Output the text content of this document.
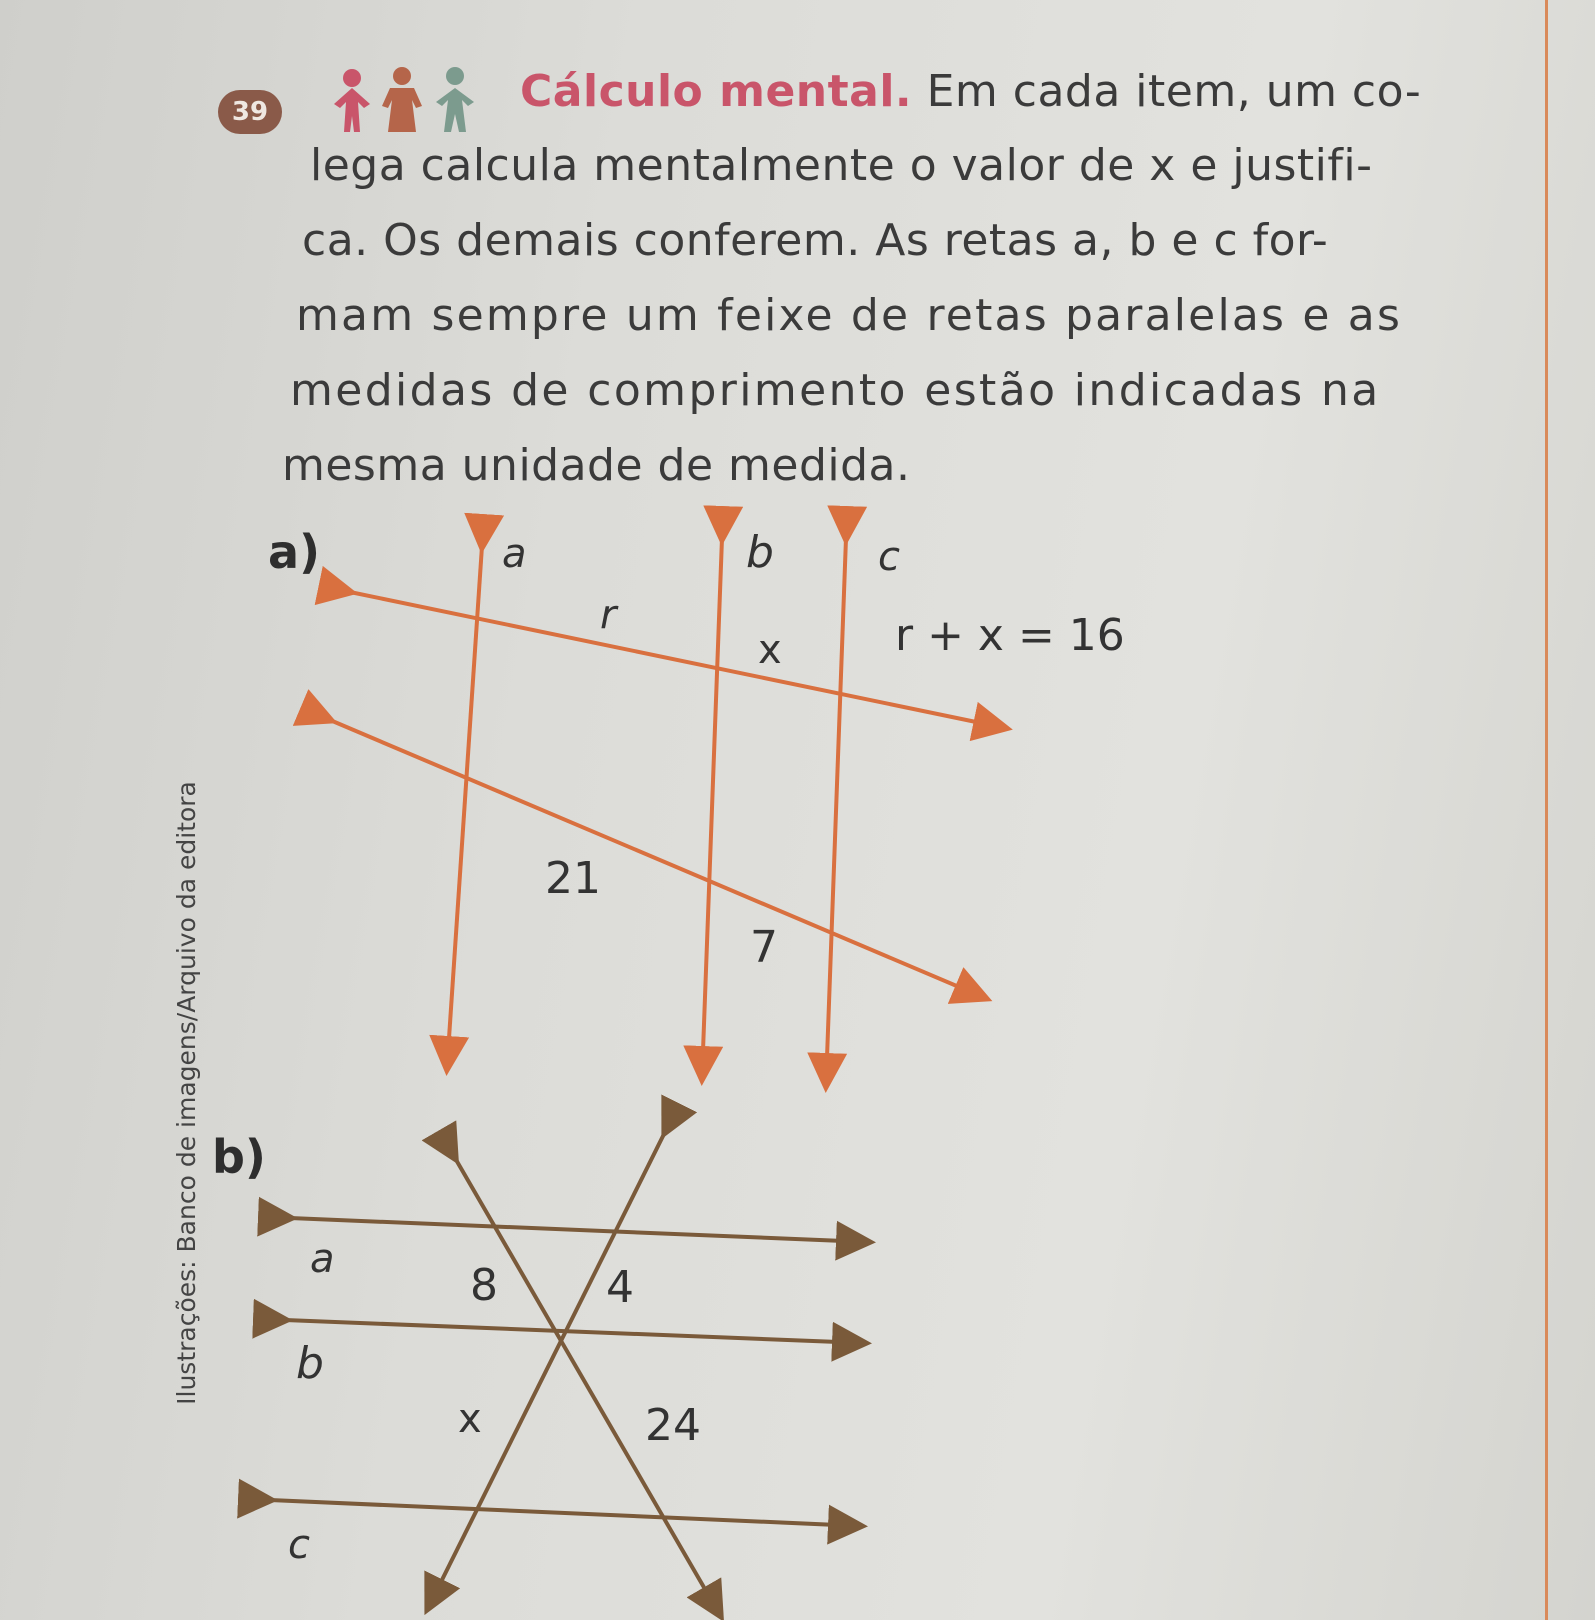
39	Cálculo mental. Em cada item, um co-
lega calcula mentalmente o valor de x e justifi-
ca. Os demais conferem. As retas a, b e c for-
mam sempre um feixe de retas paralelas e as
medidas de comprimento estão indicadas na
mesma unidade de medida.
a)	a	b	c
r
x	r + x = 16
21
7
a
b
c
8 4
x	24
b)
Ilustrações: Banco de imagens/Arquivo da editora
